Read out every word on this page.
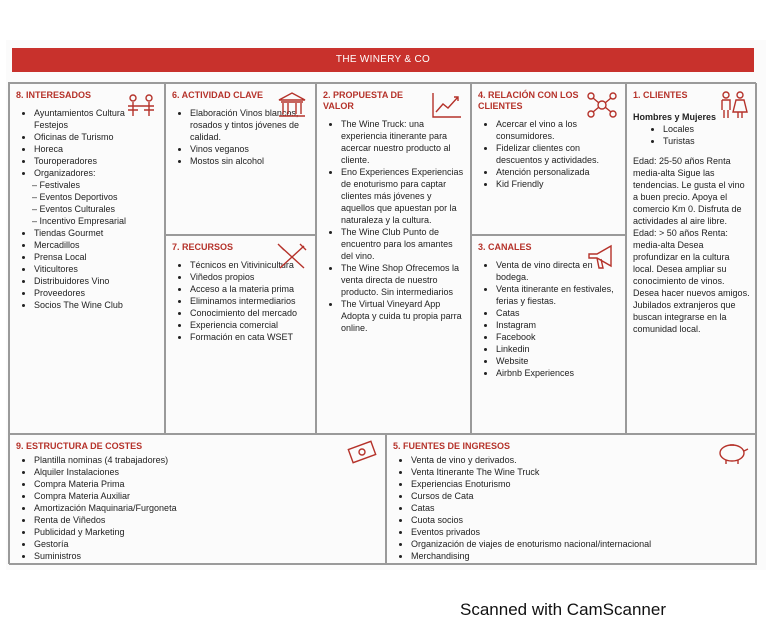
THE WINERY & CO
8. INTERESADOS
• Ayuntamientos Cultura Festejos
• Oficinas de Turismo
• Horeca
• Touroperadores
• Organizadores:
– Festivales
– Eventos Deportivos
– Eventos Culturales
– Incentivo Empresarial
• Tiendas Gourmet
• Mercadillos
• Prensa Local
• Viticultores
• Distribuidores Vino
• Proveedores
• Socios The Wine Club
6. ACTIVIDAD CLAVE
• Elaboración Vinos blancos, rosados y tintos jóvenes de calidad.
• Vinos veganos
• Mostos sin alcohol
7. RECURSOS
• Técnicos en Vitivinicultura
• Viñedos propios
• Acceso a la materia prima
• Eliminamos intermediarios
• Conocimiento del mercado
• Experiencia comercial
• Formación en cata WSET
2. PROPUESTA DE VALOR
• The Wine Truck: una experiencia itinerante para acercar nuestro producto al cliente.
• Eno Experiences Experiencias de enoturismo para captar clientes más jóvenes y aquellos que apuestan por la naturaleza y la cultura.
• The Wine Club Punto de encuentro para los amantes del vino.
• The Wine Shop Ofrecemos la venta directa de nuestro producto. Sin intermediarios
• The Virtual Vineyard App Adopta y cuida tu propia parra online.
4. RELACIÓN CON LOS CLIENTES
• Acercar el vino a los consumidores.
• Fidelizar clientes con descuentos y actividades.
• Atención personalizada
• Kid Friendly
3. CANALES
• Venta de vino directa en bodega.
• Venta itinerante en festivales, ferias y fiestas.
• Catas
• Instagram
• Facebook
• Linkedin
• Website
• Airbnb Experiences
1. CLIENTES

Hombres y Mujeres

• Locales
• Turistas

Edad: 25-50 años Renta media-alta Sigue las tendencias. Le gusta el vino a buen precio. Apoya el comercio Km 0. Disfruta de actividades al aire libre.

Edad: > 50 años Renta: media-alta Desea profundizar en la cultura local. Desea ampliar su conocimiento de vinos. Desea hacer nuevos amigos. Jubilados extranjeros que buscan integrarse en la comunidad local.

9. ESTRUCTURA DE COSTES
• Plantilla nominas (4 trabajadores)
• Alquiler Instalaciones
• Compra Materia Prima
• Compra Materia Auxiliar
• Amortización Maquinaria/Furgoneta
• Renta de Viñedos
• Publicidad y Marketing
• Gestoría
• Suministros
5. FUENTES DE INGRESOS
• Venta de vino y derivados.
• Venta Itinerante The Wine Truck
• Experiencias Enoturismo
• Cursos de Cata
• Catas
• Cuota socios
• Eventos privados
• Organización de viajes de enoturismo nacional/internacional
• Merchandising
Scanned with CamScanner
